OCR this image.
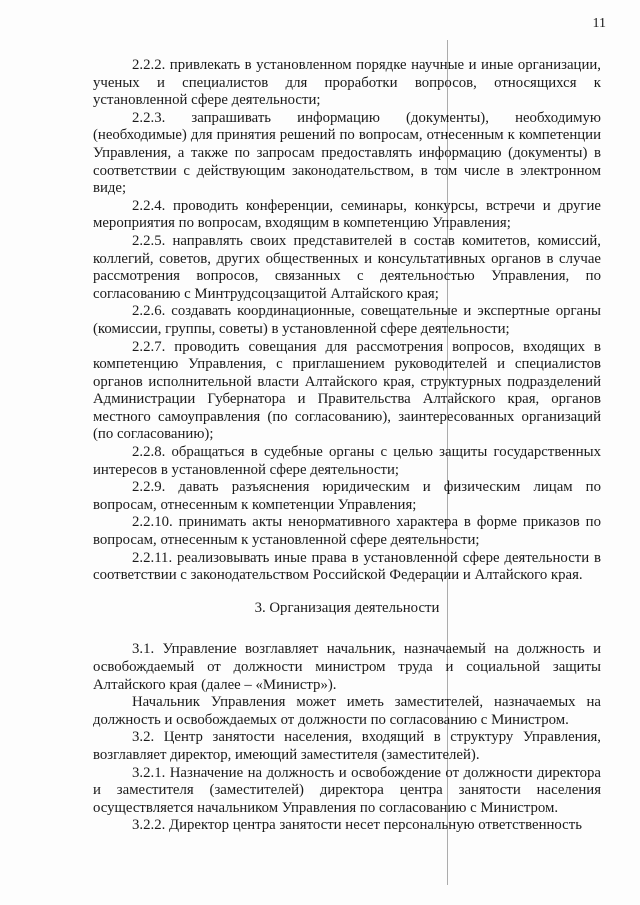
11

2.2.2. привлекать в установленном порядке научные и иные организации, ученых и специалистов для проработки вопросов, относящихся к установленной сфере деятельности;

2.2.3. запрашивать информацию (документы), необходимую (необходимые) для принятия решений по вопросам, отнесенным к компетенции Управления, а также по запросам предоставлять информацию (документы) в соответствии с действующим законодательством, в том числе в электронном виде;

2.2.4. проводить конференции, семинары, конкурсы, встречи и другие мероприятия по вопросам, входящим в компетенцию Управления;

2.2.5. направлять своих представителей в состав комитетов, комиссий, коллегий, советов, других общественных и консультативных органов в случае рассмотрения вопросов, связанных с деятельностью Управления, по согласованию с Минтрудсоцзащитой Алтайского края;

2.2.6. создавать координационные, совещательные и экспертные органы (комиссии, группы, советы) в установленной сфере деятельности;

2.2.7. проводить совещания для рассмотрения вопросов, входящих в компетенцию Управления, с приглашением руководителей и специалистов органов исполнительной власти Алтайского края, структурных подразделений Администрации Губернатора и Правительства Алтайского края, органов местного самоуправления (по согласованию), заинтересованных организаций (по согласованию);

2.2.8. обращаться в судебные органы с целью защиты государственных интересов в установленной сфере деятельности;

2.2.9. давать разъяснения юридическим и физическим лицам по вопросам, отнесенным к компетенции Управления;

2.2.10. принимать акты ненормативного характера в форме приказов по вопросам, отнесенным к установленной сфере деятельности;

2.2.11. реализовывать иные права в установленной сфере деятельности в соответствии с законодательством Российской Федерации и Алтайского края.

3. Организация деятельности

3.1. Управление возглавляет начальник, назначаемый на должность и освобождаемый от должности министром труда и социальной защиты Алтайского края (далее – «Министр»).

Начальник Управления может иметь заместителей, назначаемых на должность и освобождаемых от должности по согласованию с Министром.

3.2. Центр занятости населения, входящий в структуру Управления, возглавляет директор, имеющий заместителя (заместителей).

3.2.1. Назначение на должность и освобождение от должности директора и заместителя (заместителей) директора центра занятости населения осуществляется начальником Управления по согласованию с Министром.

3.2.2. Директор центра занятости несет персональную ответственность
